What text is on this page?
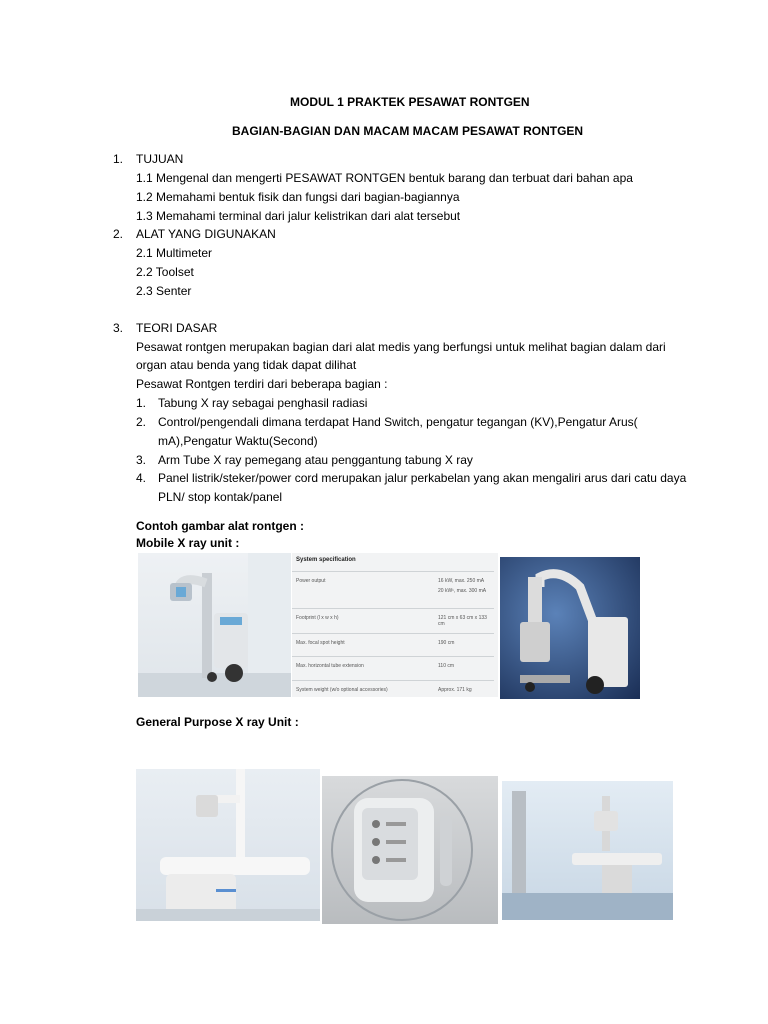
MODUL 1 PRAKTEK PESAWAT RONTGEN
BAGIAN-BAGIAN DAN MACAM MACAM PESAWAT RONTGEN
1. TUJUAN
1.1 Mengenal dan mengerti PESAWAT RONTGEN bentuk barang dan terbuat dari bahan apa
1.2 Memahami bentuk fisik dan fungsi dari bagian-bagiannya
1.3 Memahami terminal dari jalur kelistrikan dari alat tersebut
2. ALAT YANG DIGUNAKAN
2.1 Multimeter
2.2 Toolset
2.3 Senter
3. TEORI DASAR
Pesawat rontgen merupakan bagian dari alat medis yang berfungsi untuk melihat bagian dalam dari
organ atau benda yang tidak dapat dilihat
Pesawat Rontgen terdiri dari beberapa bagian :
1. Tabung X ray sebagai penghasil radiasi
2. Control/pengendali dimana terdapat Hand Switch, pengatur tegangan (KV),Pengatur Arus(
mA),Pengatur Waktu(Second)
3. Arm Tube X ray pemegang atau penggantung tabung X ray
4. Panel listrik/steker/power cord merupakan jalur perkabelan yang akan mengaliri arus dari catu daya
PLN/ stop kontak/panel
Contoh gambar alat rontgen :
Mobile X ray unit :
System specification
Power output	16 kW, max. 250 mA
20 kW¹, max. 300 mA
Footprint (l x w x h)	121 cm x 63 cm x 133 cm
Max. focal spot height	190 cm
Max. horizontal tube extension	110 cm
System weight (w/o optional accessories)	Approx. 171 kg
General Purpose X ray Unit :
